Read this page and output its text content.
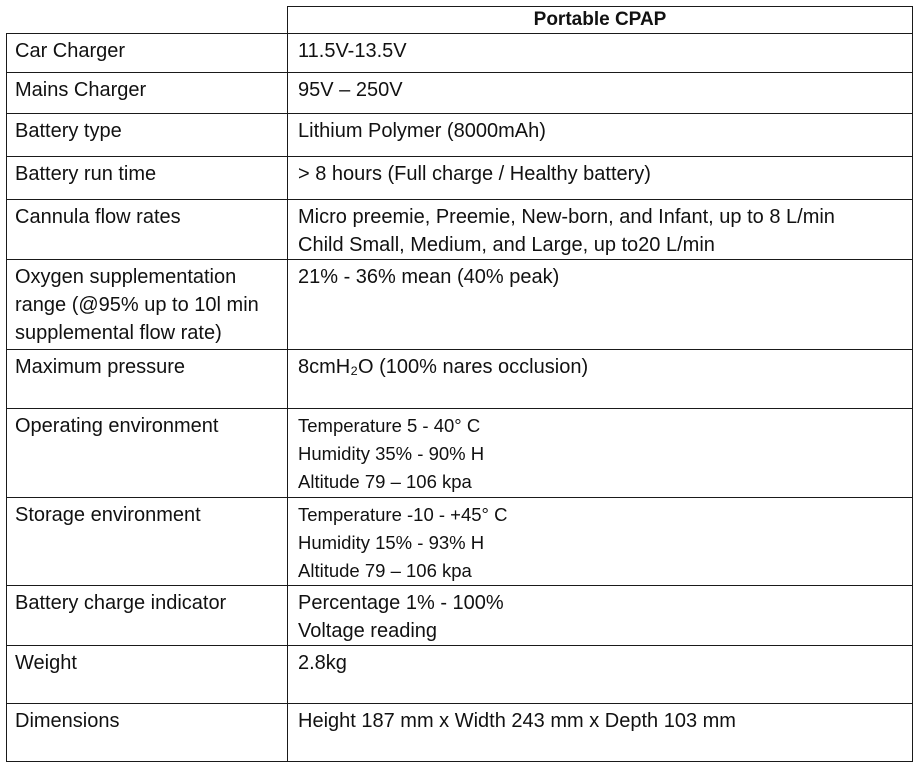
	Portable CPAP

Car Charger	11.5V-13.5V

Mains Charger	95V – 250V

Battery type	Lithium Polymer (8000mAh)

Battery run time	> 8 hours (Full charge / Healthy battery)

Cannula flow rates	Micro preemie, Preemie, New-born, and Infant, up to 8 L/min
Child Small, Medium, and Large, up to20 L/min

Oxygen supplementation
range (@95% up to 10l min
supplemental flow rate)	21% - 36% mean (40% peak)

Maximum pressure	8cmH₂O (100% nares occlusion)

Operating environment	Temperature 5 - 40° C
Humidity 35% - 90% H
Altitude 79 – 106 kpa

Storage environment	Temperature -10 - +45° C
Humidity 15% - 93% H
Altitude 79 – 106 kpa

Battery charge indicator	Percentage 1% - 100%
Voltage reading

Weight	2.8kg

Dimensions	Height 187 mm x Width 243 mm x Depth 103 mm
